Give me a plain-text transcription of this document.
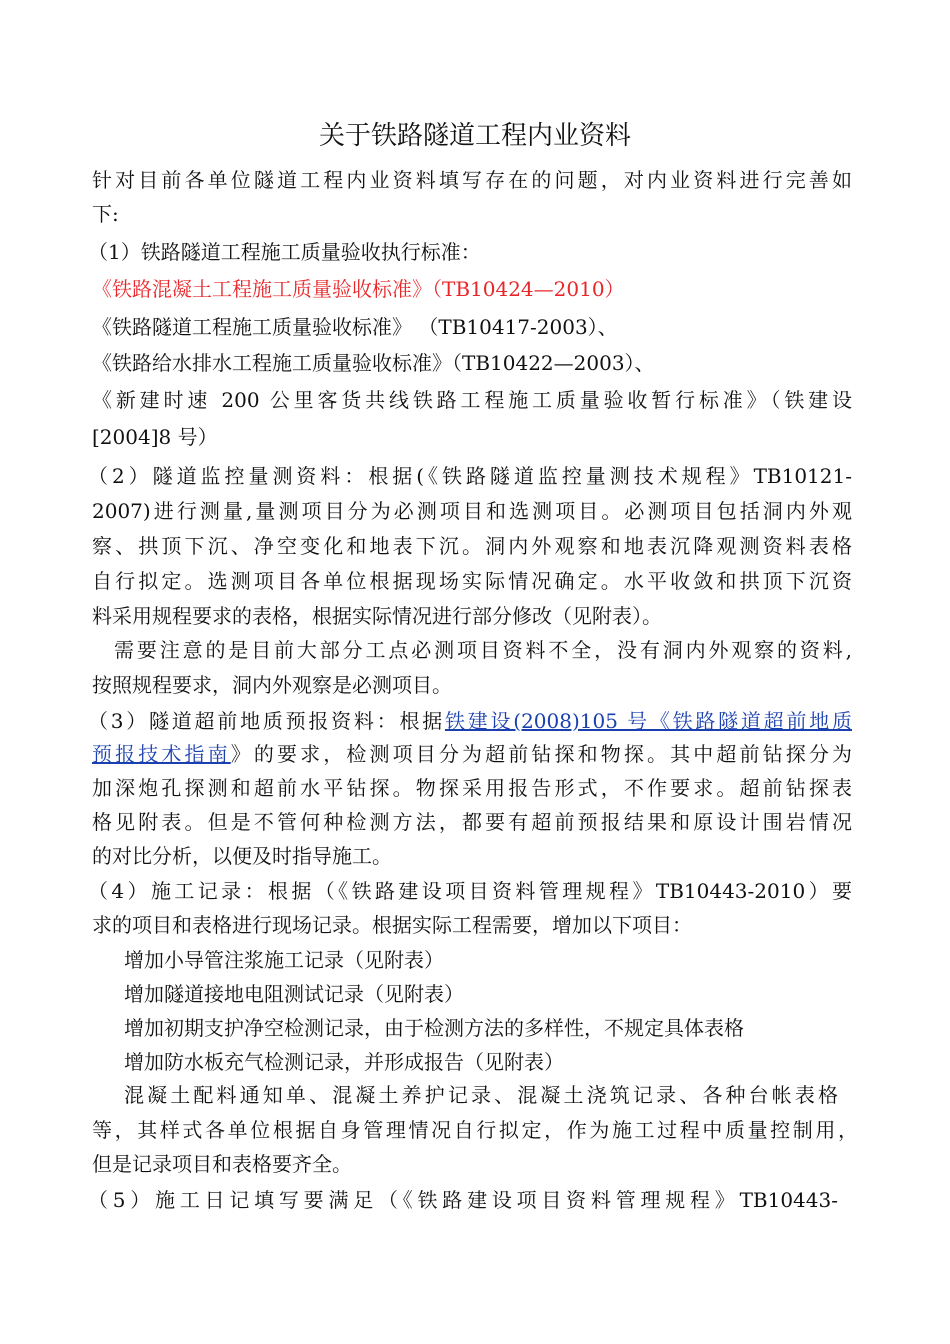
关于铁路隧道工程内业资料
针对目前各单位隧道工程内业资料填写存在的问题，对内业资料进行完善如
下:
（1）铁路隧道工程施工质量验收执行标准：
《铁路混凝土工程施工质量验收标准》（TB10424—2010）
《铁路隧道工程施工质量验收标准》 （TB10417-2003）、
《铁路给水排水工程施工质量验收标准》（TB10422—2003）、
《新建时速 200 公里客货共线铁路工程施工质量验收暂行标准》（铁建设
[2004]8 号）
（2）隧道监控量测资料：根据(《铁路隧道监控量测技术规程》TB10121-
2007)进行测量,量测项目分为必测项目和选测项目。必测项目包括洞内外观
察、拱顶下沉、净空变化和地表下沉。洞内外观察和地表沉降观测资料表格
自行拟定。选测项目各单位根据现场实际情况确定。水平收敛和拱顶下沉资
料采用规程要求的表格，根据实际情况进行部分修改（见附表）。
需要注意的是目前大部分工点必测项目资料不全，没有洞内外观察的资料,
按照规程要求，洞内外观察是必测项目。
（3）隧道超前地质预报资料：根据铁建设(2008)105 号《铁路隧道超前地质
预报技术指南》的要求，检测项目分为超前钻探和物探。其中超前钻探分为
加深炮孔探测和超前水平钻探。物探采用报告形式，不作要求。超前钻探表
格见附表。但是不管何种检测方法，都要有超前预报结果和原设计围岩情况
的对比分析，以便及时指导施工。
（4）施工记录：根据（《铁路建设项目资料管理规程》TB10443-2010）要
求的项目和表格进行现场记录。根据实际工程需要，增加以下项目：
增加小导管注浆施工记录（见附表）
增加隧道接地电阻测试记录（见附表）
增加初期支护净空检测记录，由于检测方法的多样性，不规定具体表格
增加防水板充气检测记录，并形成报告（见附表）
混凝土配料通知单、混凝土养护记录、混凝土浇筑记录、各种台帐表格
等，其样式各单位根据自身管理情况自行拟定，作为施工过程中质量控制用，
但是记录项目和表格要齐全。
（5）施工日记填写要满足（《铁路建设项目资料管理规程》TB10443-
